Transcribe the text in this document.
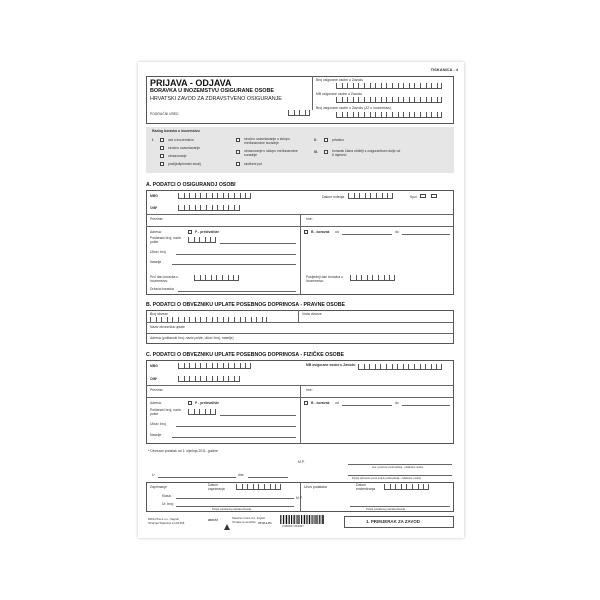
TISKANICA - 4
PRIJAVA - ODJAVA
BORAVKA U INOZEMSTVU OSIGURANE OSOBE
HRVATSKI ZAVOD ZA ZDRAVSTVENO OSIGURANJE
PODRUČNI URED
Broj osigurane osobe u Zavodu
MB osigurane osobe u Zavodu
Broj osigurane osobe u Zavodu (ZZ u inozemstvu)
Razlog boravka u inozemstvu
I.	rad u inozemstvu
stručno usavršavanje
obrazovanje
poslijediplomski studij
stručno usavršavanje u sklopu međunarodne suradnje
obrazovanje u sklopu međunarodne suradnje
službeni put
II.	privatno
III.	boravak člana obitelji s osiguranikom dulje od 6 mjeseci
A. PODATCI O OSIGURANOJ OSOBI
MBG	Datum rođenja	Spol
OIB*
Prezime:	Ime:
Adresa:	P - prebivalište
Poštanski broj, naziv pošte
Ulica i broj
Naselje
B - boravak od	do
Prvi dan boravka u inozemstvu:
Država boravka
Posljednji dan boravka u inozemstvu:
B. PODATCI O OBVEZNIKU UPLATE POSEBNOG DOPRINOSA - PRAVNE OSOBE
Broj obveze	Vrsta obveze
Naziv obveznika uplate
Adresa (poštanski broj, naziv pošte, ulica i broj, naselje)
C. PODATCI O OBVEZNIKU UPLATE POSEBNOG DOPRINOSA - FIZIČKE OSOBE
MBG	MB osigurane osobe u Zavodu
OIB*
Prezime:	Ime:
Adresa:	P - prebivalište
Poštanski broj, naziv pošte
Ulica i broj
Naselje
B - boravak od	do
* Obvezan podatak od 1. siječnja 2011. godine
M.P.
Ime i prezime podnositelja - odabrane osobe
U	dne
Potpis (obvezno puna potpis podnositelja - odabrane osobe)
Zaprimanje	Datum zaprimanja
Klasa:
Ur. broj:
Potpis ovlaštenog radnika Zavoda
Unos podataka	Datum evidentiranja
M.P.
Potpis ovlaštenog radnika Zavoda
RRIF-Plus d.o.o., Zagreb
Obrazac/Tiskanica 2.10/1258
900172	Narodne novine d.d., Zagreb
Oznaka za naručitbu UT-III-1-P1
3 850157 061297
1. PRIMJERAK ZA ZAVOD
